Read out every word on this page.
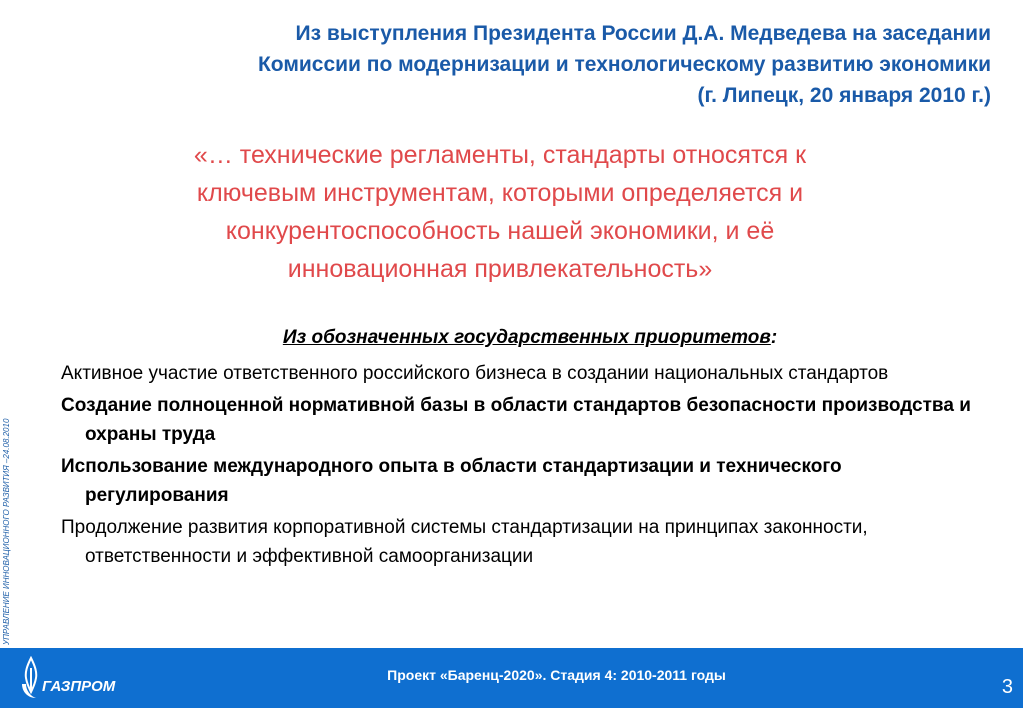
УПРАВЛЕНИЕ ИННОВАЦИОННОГО РАЗВИТИЯ –24.08.2010
Из выступления Президента России Д.А. Медведева на заседании
Комиссии по модернизации и технологическому развитию экономики
(г. Липецк, 20 января 2010 г.)
«… технические регламенты, стандарты относятся к
ключевым инструментам, которыми определяется и
конкурентоспособность нашей экономики, и её
инновационная привлекательность»
Из обозначенных государственных приоритетов:
Активное участие ответственного российского бизнеса в создании национальных стандартов
Создание полноценной нормативной базы в области стандартов безопасности производства и охраны труда
Использование международного опыта в области стандартизации и технического регулирования
Продолжение развития корпоративной системы стандартизации на принципах законности, ответственности и эффективной самоорганизации
ГАЗПРОМ
Проект «Баренц-2020». Стадия 4: 2010-2011 годы
3
